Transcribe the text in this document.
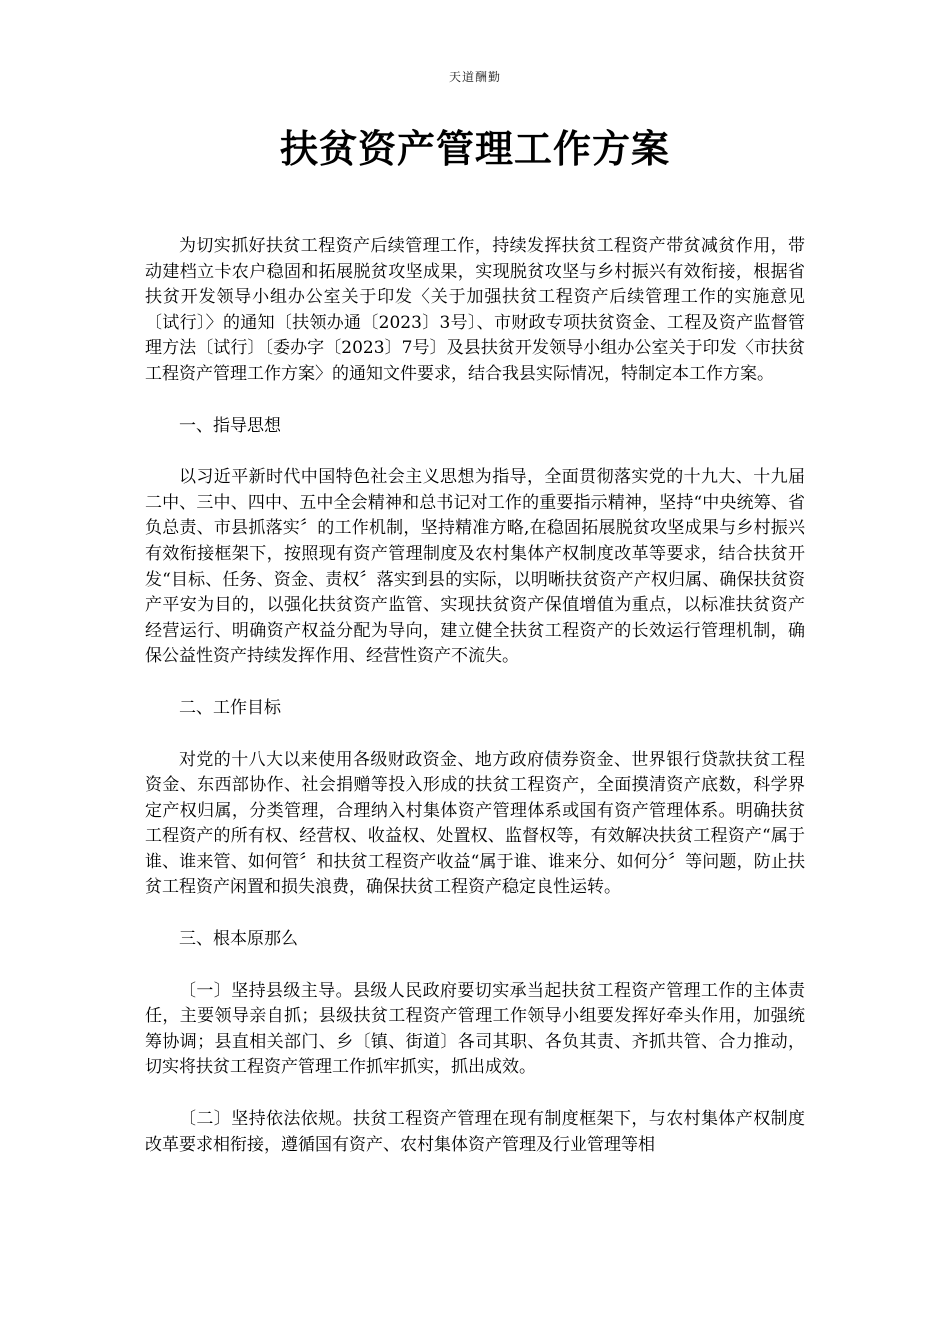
天道酬勤
扶贫资产管理工作方案

为切实抓好扶贫工程资产后续管理工作，持续发挥扶贫工程资产带贫减贫作用，带动建档立卡农户稳固和拓展脱贫攻坚成果，实现脱贫攻坚与乡村振兴有效衔接，根据省扶贫开发领导小组办公室关于印发〈关于加强扶贫工程资产后续管理工作的实施意见〔试行〕〉的通知〔扶领办通〔2023〕3号〕、市财政专项扶贫资金、工程及资产监督管理方法〔试行〕〔委办字〔2023〕7号〕及县扶贫开发领导小组办公室关于印发〈市扶贫工程资产管理工作方案〉的通知文件要求，结合我县实际情况，特制定本工作方案。

一、指导思想

以习近平新时代中国特色社会主义思想为指导，全面贯彻落实党的十九大、十九届二中、三中、四中、五中全会精神和总书记对工作的重要指示精神，坚持“中央统筹、省负总责、市县抓落实〞的工作机制，坚持精准方略,在稳固拓展脱贫攻坚成果与乡村振兴有效衔接框架下，按照现有资产管理制度及农村集体产权制度改革等要求，结合扶贫开发“目标、任务、资金、责权〞落实到县的实际，以明晰扶贫资产产权归属、确保扶贫资产平安为目的，以强化扶贫资产监管、实现扶贫资产保值增值为重点，以标准扶贫资产经营运行、明确资产权益分配为导向，建立健全扶贫工程资产的长效运行管理机制，确保公益性资产持续发挥作用、经营性资产不流失。

二、工作目标

对党的十八大以来使用各级财政资金、地方政府债券资金、世界银行贷款扶贫工程资金、东西部协作、社会捐赠等投入形成的扶贫工程资产，全面摸清资产底数，科学界定产权归属，分类管理，合理纳入村集体资产管理体系或国有资产管理体系。明确扶贫工程资产的所有权、经营权、收益权、处置权、监督权等，有效解决扶贫工程资产“属于谁、谁来管、如何管〞和扶贫工程资产收益“属于谁、谁来分、如何分〞等问题，防止扶贫工程资产闲置和损失浪费，确保扶贫工程资产稳定良性运转。

三、根本原那么

〔一〕坚持县级主导。县级人民政府要切实承当起扶贫工程资产管理工作的主体责任，主要领导亲自抓；县级扶贫工程资产管理工作领导小组要发挥好牵头作用，加强统筹协调；县直相关部门、乡〔镇、街道〕各司其职、各负其责、齐抓共管、合力推动，切实将扶贫工程资产管理工作抓牢抓实，抓出成效。

〔二〕坚持依法依规。扶贫工程资产管理在现有制度框架下，与农村集体产权制度改革要求相衔接，遵循国有资产、农村集体资产管理及行业管理等相
